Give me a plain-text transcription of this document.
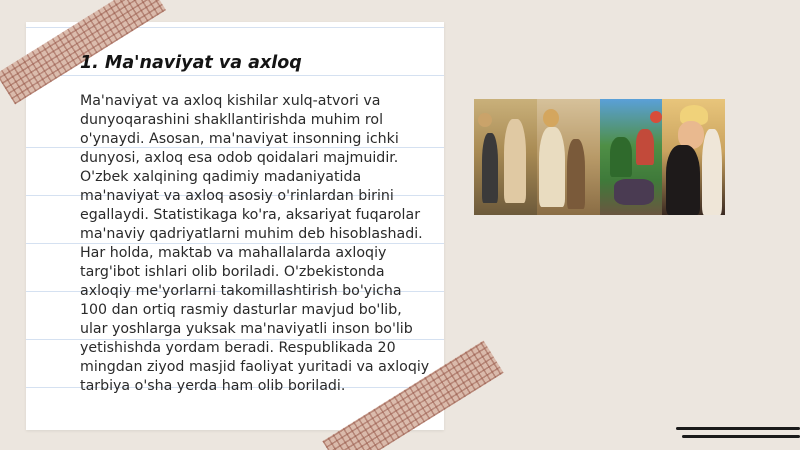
1. Ma'naviyat va axloq

Ma'naviyat va axloq kishilar xulq-atvori va dunyoqarashini shakllantirishda muhim rol o'ynaydi. Asosan, ma'naviyat insonning ichki dunyosi, axloq esa odob qoidalari majmuidir. O'zbek xalqining qadimiy madaniyatida ma'naviyat va axloq asosiy o'rinlardan birini egallaydi. Statistikaga ko'ra, aksariyat fuqarolar ma'naviy qadriyatlarni muhim deb hisoblashadi. Har holda, maktab va mahallalarda axloqiy targ'ibot ishlari olib boriladi. O'zbekistonda axloqiy me'yorlarni takomillashtirish bo'yicha 100 dan ortiq rasmiy dasturlar mavjud bo'lib, ular yoshlarga yuksak ma'naviyatli inson bo'lib yetishishda yordam beradi. Respublikada 20 mingdan ziyod masjid faoliyat yuritadi va axloqiy tarbiya o'sha yerda ham olib boriladi.
